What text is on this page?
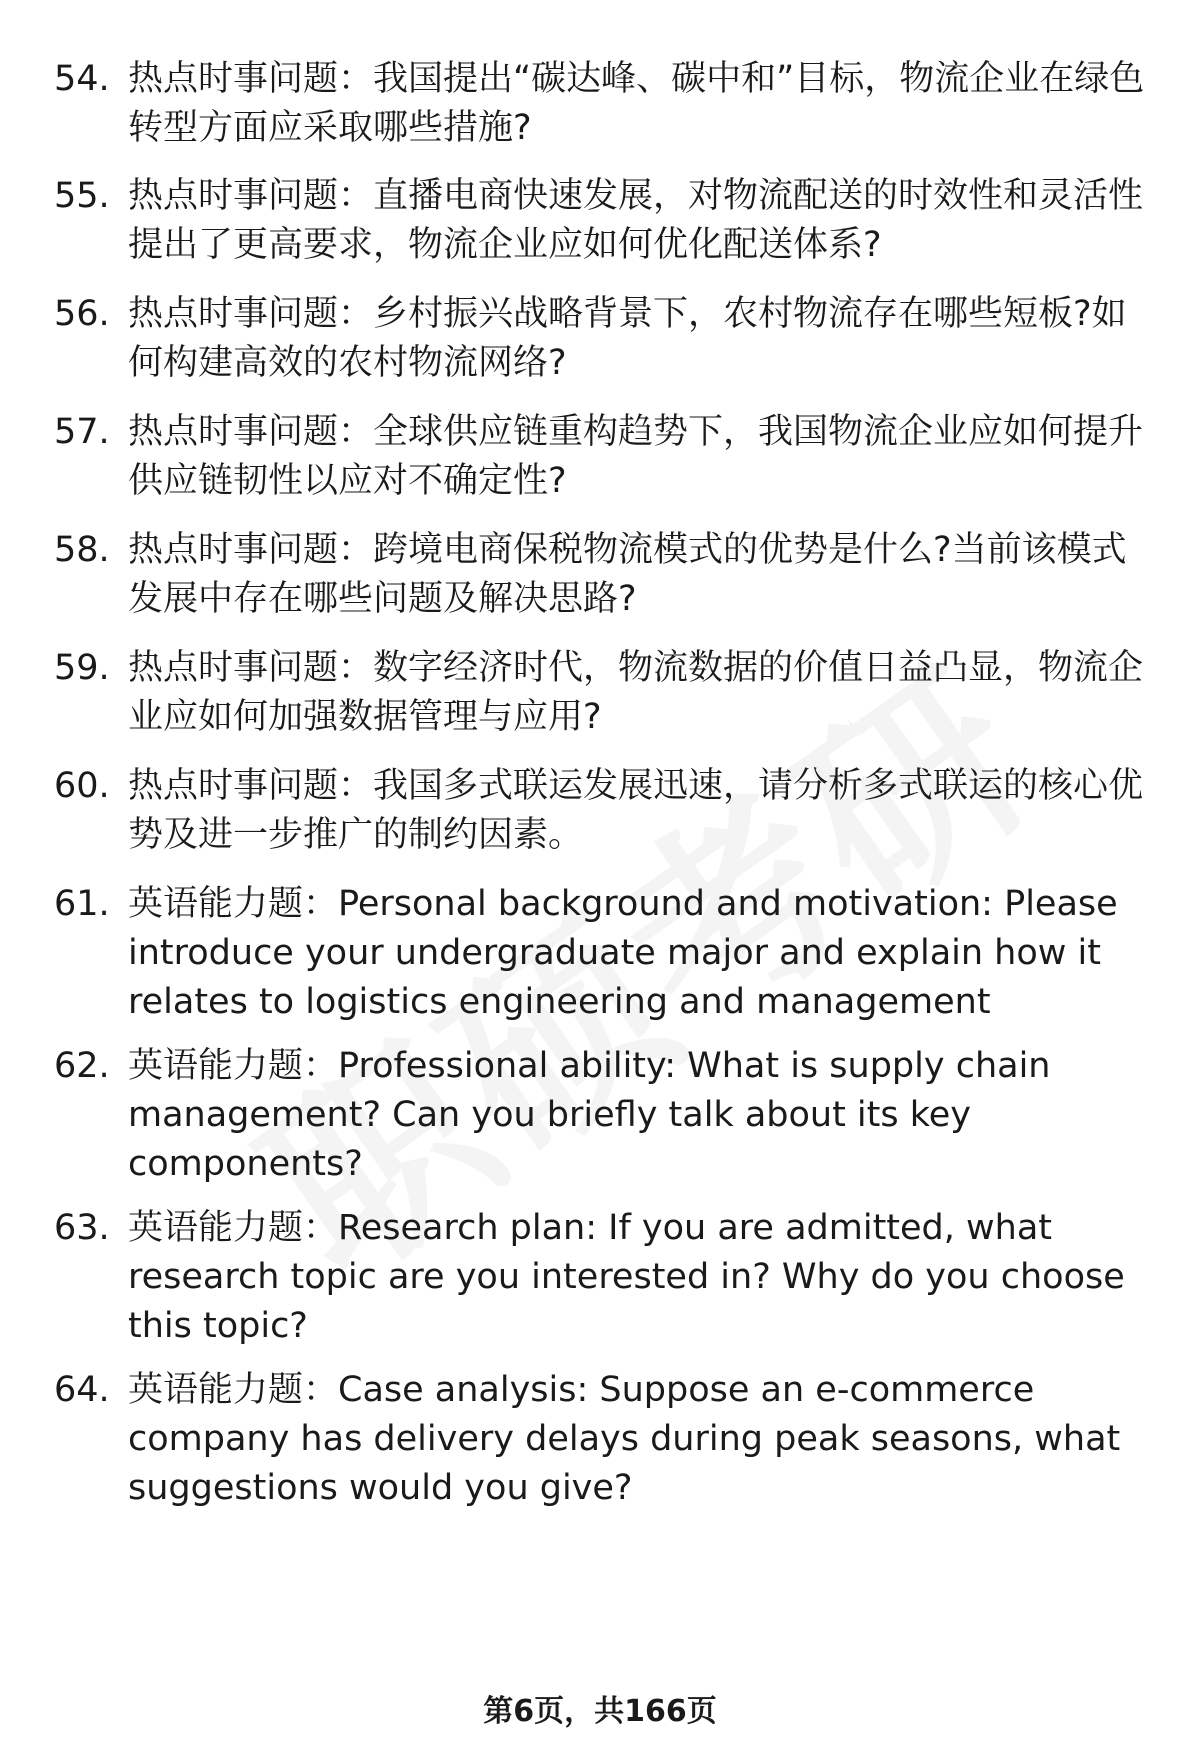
54. 热点时事问题：我国提出“碳达峰、碳中和”目标，物流企业在绿色转型方面应采取哪些措施?
55. 热点时事问题：直播电商快速发展，对物流配送的时效性和灵活性提出了更高要求，物流企业应如何优化配送体系?
56. 热点时事问题：乡村振兴战略背景下，农村物流存在哪些短板?如何构建高效的农村物流网络?
57. 热点时事问题：全球供应链重构趋势下，我国物流企业应如何提升供应链韧性以应对不确定性?
58. 热点时事问题：跨境电商保税物流模式的优势是什么?当前该模式发展中存在哪些问题及解决思路?
59. 热点时事问题：数字经济时代，物流数据的价值日益凸显，物流企业应如何加强数据管理与应用?
60. 热点时事问题：我国多式联运发展迅速，请分析多式联运的核心优势及进一步推广的制约因素。
61. 英语能力题：Personal background and motivation: Please introduce your undergraduate major and explain how it relates to logistics engineering and management
62. 英语能力题：Professional ability: What is supply chain management? Can you briefly talk about its key components?
63. 英语能力题：Research plan: If you are admitted, what research topic are you interested in? Why do you choose this topic?
64. 英语能力题：Case analysis: Suppose an e-commerce company has delivery delays during peak seasons, what suggestions would you give?
第6页，共166页
